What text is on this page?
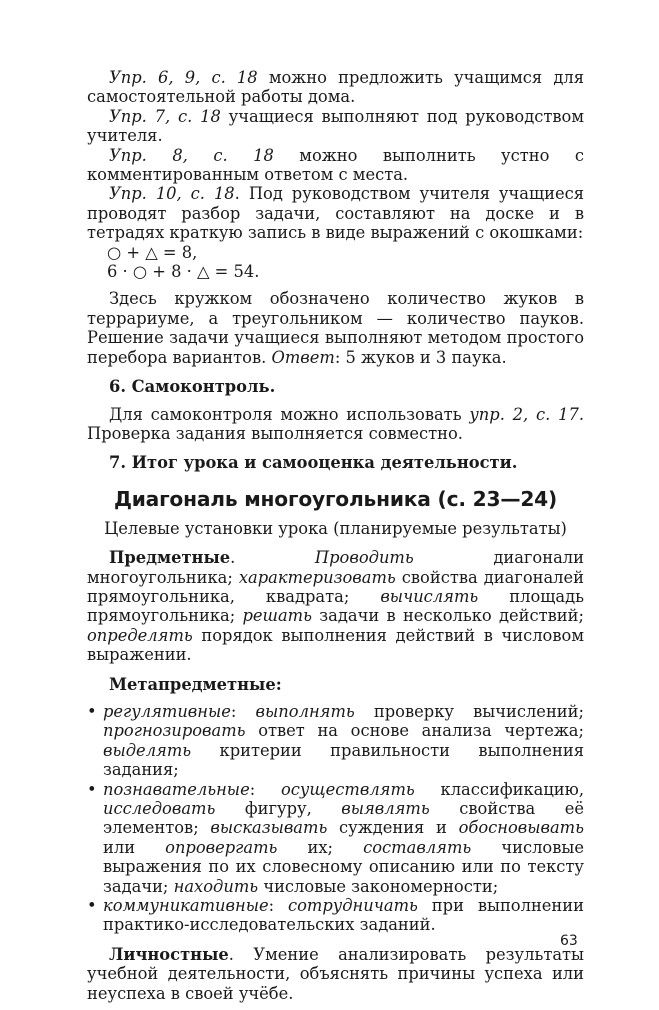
Упр. 6, 9, с. 18 можно предложить учащимся для самостоятельной работы дома.

Упр. 7, с. 18 учащиеся выполняют под руководством учителя.

Упр. 8, с. 18 можно выполнить устно с комментированным ответом с места.

Упр. 10, с. 18. Под руководством учителя учащиеся проводят разбор задачи, составляют на доске и в тетрадях краткую запись в виде выражений с окошками:

○ + △ = 8,

6 · ○ + 8 · △ = 54.

Здесь кружком обозначено количество жуков в террариуме, а треугольником — количество пауков. Решение задачи учащиеся выполняют методом простого перебора вариантов. Ответ: 5 жуков и 3 паука.

6. Самоконтроль.

Для самоконтроля можно использовать упр. 2, с. 17. Проверка задания выполняется совместно.

7. Итог урока и самооценка деятельности.

Диагональ многоугольника (с. 23—24)

Целевые установки урока (планируемые результаты)

Предметные. Проводить диагонали многоугольника; характеризовать свойства диагоналей прямоугольника, квадрата; вычислять площадь прямоугольника; решать задачи в несколько действий; определять порядок выполнения действий в числовом выражении.

Метапредметные:

• регулятивные: выполнять проверку вычислений; прогнозировать ответ на основе анализа чертежа; выделять критерии правильности выполнения задания;
• познавательные: осуществлять классификацию, исследовать фигуру, выявлять свойства её элементов; высказывать суждения и обосновывать или опровергать их; составлять числовые выражения по их словесному описанию или по тексту задачи; находить числовые закономерности;
• коммуникативные: сотрудничать при выполнении практико-исследовательских заданий.

Личностные. Умение анализировать результаты учебной деятельности, объяснять причины успеха или неуспеха в своей учёбе.

63
